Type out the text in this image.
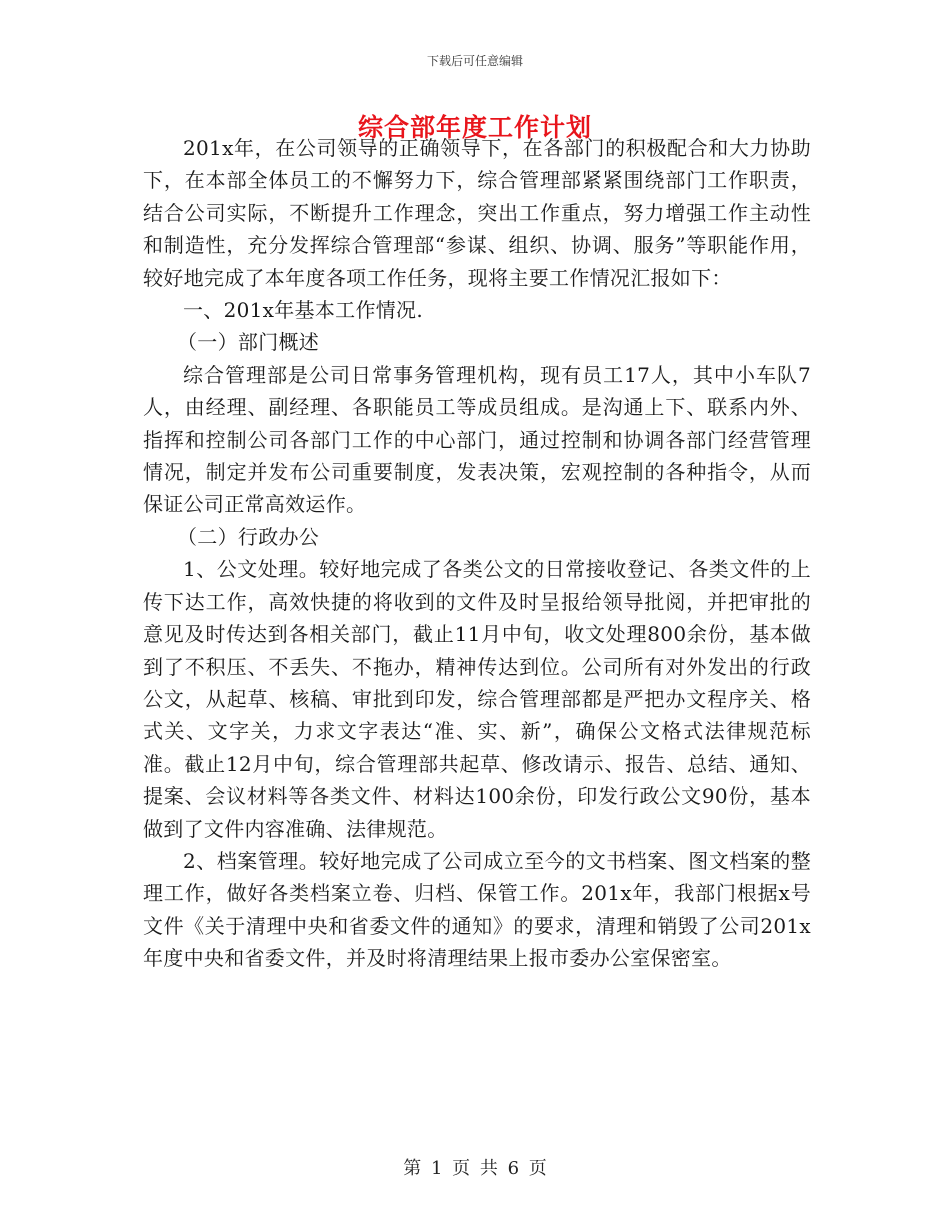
下载后可任意编辑
综合部年度工作计划

201x年，在公司领导的正确领导下，在各部门的积极配合和大力协助下，在本部全体员工的不懈努力下，综合管理部紧紧围绕部门工作职责，结合公司实际，不断提升工作理念，突出工作重点，努力增强工作主动性和制造性，充分发挥综合管理部“参谋、组织、协调、服务”等职能作用，较好地完成了本年度各项工作任务，现将主要工作情况汇报如下：

一、201x年基本工作情况.

（一）部门概述

综合管理部是公司日常事务管理机构，现有员工17人，其中小车队7人，由经理、副经理、各职能员工等成员组成。是沟通上下、联系内外、指挥和控制公司各部门工作的中心部门，通过控制和协调各部门经营管理情况，制定并发布公司重要制度，发表决策，宏观控制的各种指令，从而保证公司正常高效运作。

（二）行政办公

1、公文处理。较好地完成了各类公文的日常接收登记、各类文件的上传下达工作，高效快捷的将收到的文件及时呈报给领导批阅，并把审批的意见及时传达到各相关部门，截止11月中旬，收文处理800余份，基本做到了不积压、不丢失、不拖办，精神传达到位。公司所有对外发出的行政公文，从起草、核稿、审批到印发，综合管理部都是严把办文程序关、格式关、文字关，力求文字表达“准、实、新”，确保公文格式法律规范标准。截止12月中旬，综合管理部共起草、修改请示、报告、总结、通知、提案、会议材料等各类文件、材料达100余份，印发行政公文90份，基本做到了文件内容准确、法律规范。

2、档案管理。较好地完成了公司成立至今的文书档案、图文档案的整理工作，做好各类档案立卷、归档、保管工作。201x年，我部门根据x号文件《关于清理中央和省委文件的通知》的要求，清理和销毁了公司201x年度中央和省委文件，并及时将清理结果上报市委办公室保密室。

第 1 页 共 6 页
